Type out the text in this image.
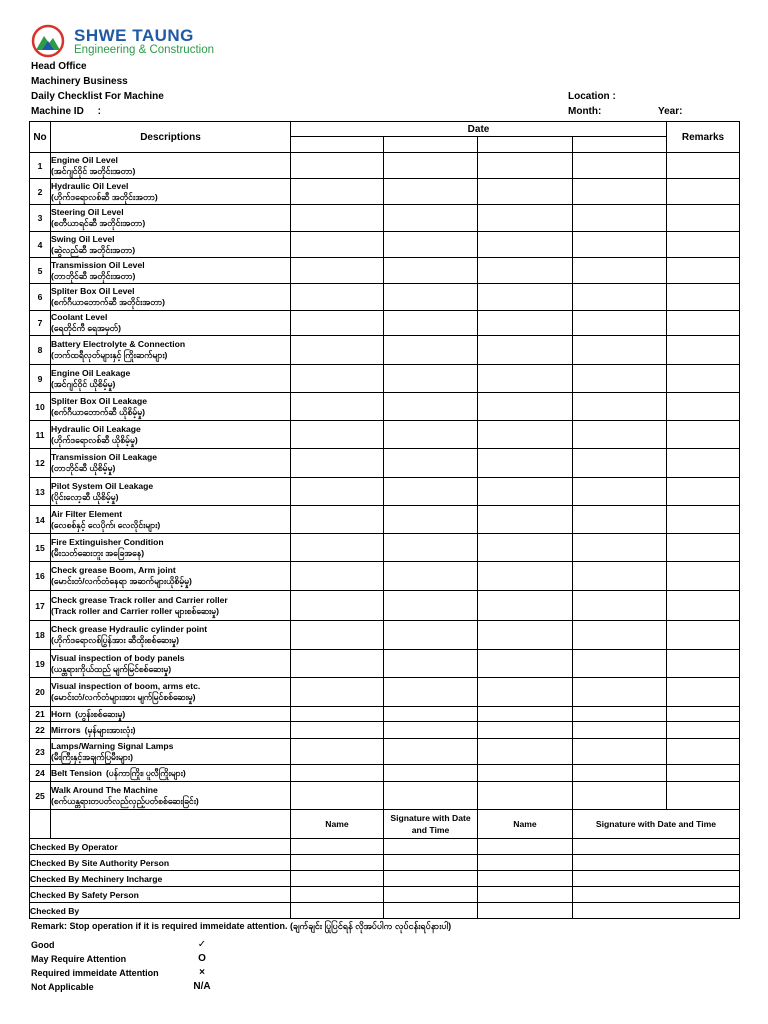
SHWE TAUNG
Engineering & Construction
Head Office
Machinery Business
Daily Checklist For Machine
Machine ID     :
Location :
Month:	Year:
No	Descriptions	Date				Remarks

1	Engine Oil Level
(အင်ဂျင်ဝိုင် အတိုင်းအတာ)					

2	Hydraulic Oil Level
(ဟိုက်ဒရောလစ်ဆီ အတိုင်းအတာ)					

3	Steering Oil Level
(စတီယာရင်ဆီ အတိုင်းအတာ)					

4	Swing Oil Level
(ဆွဲလည်ဆီ အတိုင်းအတာ)					

5	Transmission Oil Level
(တာဘိုင်ဆီ အတိုင်းအတာ)					

6	Spliter Box Oil Level
(စက်ဂီယာဘောက်ဆီ အတိုင်းအတာ)					

7	Coolant Level
(ရေတိုင်ကီ ရေအမှတ်)					

8	Battery Electrolyte & Connection
(ဘက်ထရီလုတ်များနှင့် ကြိုးဆက်များ)					

9	Engine Oil Leakage
(အင်ဂျင်ဝိုင် ယိုစိမ့်မှု)					

10	Spliter Box Oil Leakage
(စက်ဂီယာဘောက်ဆီ ယိုစိမ့်မှု)					

11	Hydraulic Oil Leakage
(ဟိုက်ဒရောလစ်ဆီ ယိုစိမ့်မှု)					

12	Transmission Oil Leakage
(တာဘိုင်ဆီ ယိုစိမ့်မှု)					

13	Pilot System Oil Leakage
(ပိုင်းလော့ဆီ ယိုစိမ့်မှု)					

14	Air Filter Element
(လေစစ်နှင့် လေပိုက်၊ လေလိုင်းများ)					

15	Fire Extinguisher Condition
(မီးသတ်ဆေးဘူး အခြေအနေ)					

16	Check grease Boom, Arm joint
(မောင်းတံ/လက်တံနေရာ အဆက်များယိုစိမ့်မှု)					

17	Check grease Track roller and Carrier roller
(Track roller and Carrier roller များစစ်ဆေးမှု)					

18	Check grease Hydraulic cylinder point
(ဟိုက်ဒရောလစ်ပြွန်အား ဆီထိုးစစ်ဆေးမှု)					

19	Visual inspection of body panels
(ယန္တရားကိုယ်ထည် မျက်မြင်စစ်ဆေးမှု)					

20	Visual inspection of boom, arms etc.
(မောင်းတံ/လက်တံများအား မျက်မြင်စစ်ဆေးမှု)					

21	Horn (ဟွန်းစစ်ဆေးမှု)					
22	Mirrors (မှန်များအားလုံး)					
23	Lamps/Warning Signal Lamps
(မီးကြီးနှင့်အချက်ပြမီးများ)					

24	Belt Tension (ပန်ကာကြိုး၊ ပူလီကြိုးများ)					
25	Walk Around The Machine
(စက်ယန္တရားတပတ်လည်လှည့်ပတ်စစ်ဆေးခြင်း)					

		Name	Signature with Date and Time	Name	Signature with Date and Time	
Checked By Operator						
Checked By Site Authority Person						
Checked By Mechinery Incharge						
Checked By Safety Person						
Checked By						
Remark: Stop operation if it is required immeidate attention. (ချက်ချင်း ပြုပြင်ရန် လိုအပ်ပါက လုပ်ငန်းရပ်နားပါ)
Good	✓
May Require Attention	O
Required immeidate Attention	×
Not Applicable	N/A
